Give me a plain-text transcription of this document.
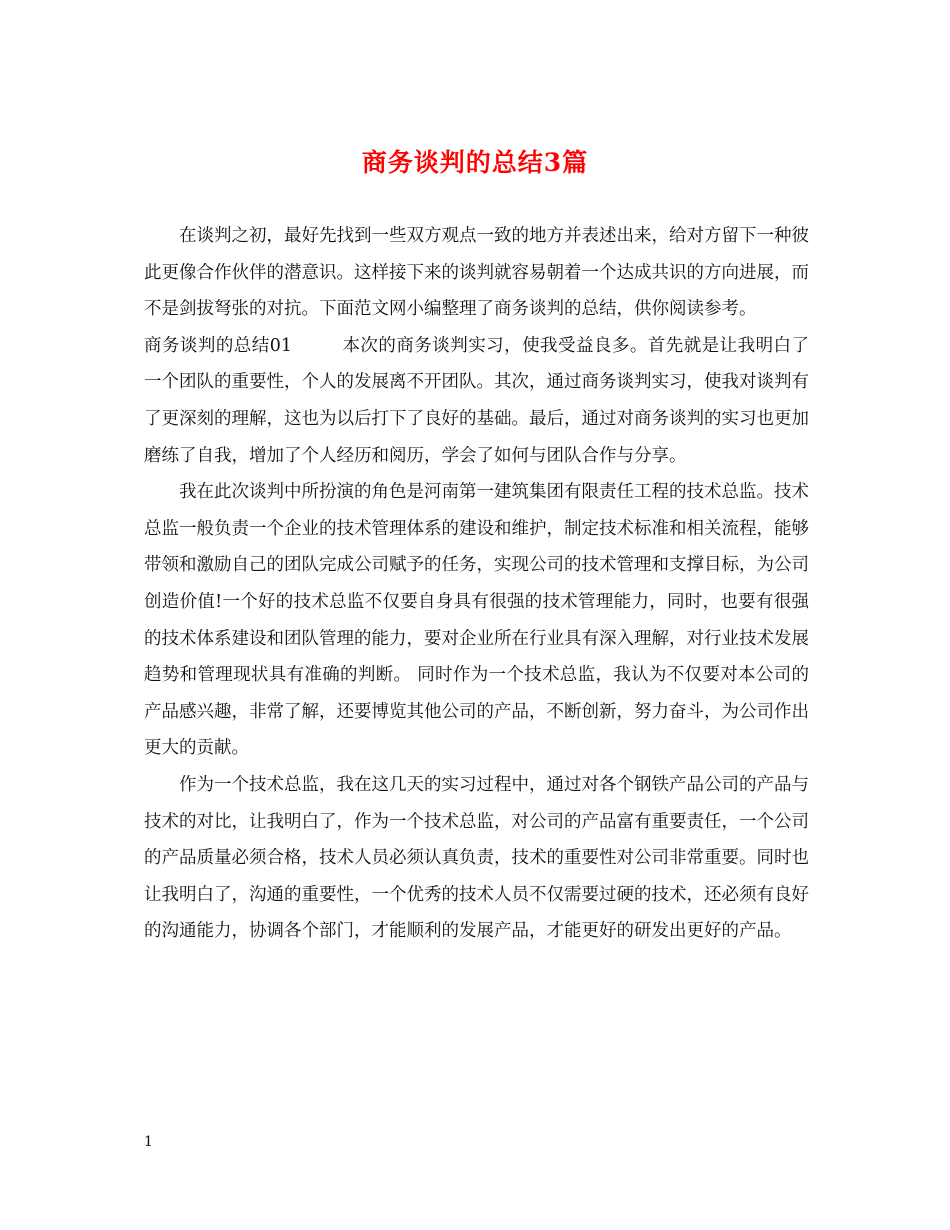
商务谈判的总结3篇

在谈判之初，最好先找到一些双方观点一致的地方并表述出来，给对方留下一种彼此更像合作伙伴的潜意识。这样接下来的谈判就容易朝着一个达成共识的方向进展，而不是剑拔弩张的对抗。下面范文网小编整理了商务谈判的总结，供你阅读参考。

商务谈判的总结01	本次的商务谈判实习，使我受益良多。首先就是让我明白了一个团队的重要性，个人的发展离不开团队。其次，通过商务谈判实习，使我对谈判有了更深刻的理解，这也为以后打下了良好的基础。最后，通过对商务谈判的实习也更加磨练了自我，增加了个人经历和阅历，学会了如何与团队合作与分享。

我在此次谈判中所扮演的角色是河南第一建筑集团有限责任工程的技术总监。技术总监一般负责一个企业的技术管理体系的建设和维护，制定技术标准和相关流程，能够带领和激励自己的团队完成公司赋予的任务，实现公司的技术管理和支撑目标，为公司创造价值!一个好的技术总监不仅要自身具有很强的技术管理能力，同时，也要有很强的技术体系建设和团队管理的能力，要对企业所在行业具有深入理解，对行业技术发展趋势和管理现状具有准确的判断。 同时作为一个技术总监，我认为不仅要对本公司的产品感兴趣，非常了解，还要博览其他公司的产品，不断创新，努力奋斗，为公司作出更大的贡献。

作为一个技术总监，我在这几天的实习过程中，通过对各个钢铁产品公司的产品与技术的对比，让我明白了，作为一个技术总监，对公司的产品富有重要责任，一个公司的产品质量必须合格，技术人员必须认真负责，技术的重要性对公司非常重要。同时也让我明白了，沟通的重要性，一个优秀的技术人员不仅需要过硬的技术，还必须有良好的沟通能力，协调各个部门，才能顺利的发展产品，才能更好的研发出更好的产品。

1
